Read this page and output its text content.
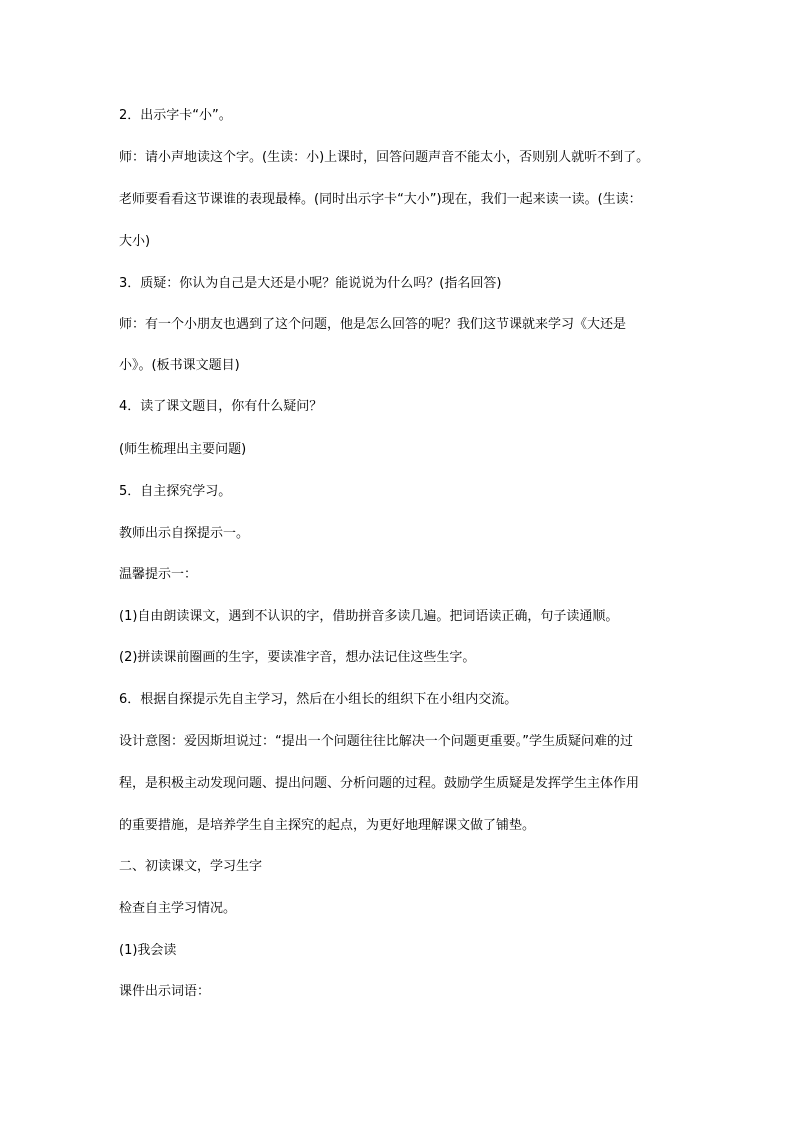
2．出示字卡“小”。
师：请小声地读这个字。(生读：小)上课时，回答问题声音不能太小，否则别人就听不到了。
老师要看看这节课谁的表现最棒。(同时出示字卡“大小”)现在，我们一起来读一读。(生读：
大小)
3．质疑：你认为自己是大还是小呢？能说说为什么吗？(指名回答)
师：有一个小朋友也遇到了这个问题，他是怎么回答的呢？我们这节课就来学习《大还是
小》。(板书课文题目)
4．读了课文题目，你有什么疑问？
(师生梳理出主要问题)
5．自主探究学习。
教师出示自探提示一。
温馨提示一：
(1)自由朗读课文，遇到不认识的字，借助拼音多读几遍。把词语读正确，句子读通顺。
(2)拼读课前圈画的生字，要读准字音，想办法记住这些生字。
6．根据自探提示先自主学习，然后在小组长的组织下在小组内交流。
设计意图：爱因斯坦说过：“提出一个问题往往比解决一个问题更重要。”学生质疑问难的过
程，是积极主动发现问题、提出问题、分析问题的过程。鼓励学生质疑是发挥学生主体作用
的重要措施，是培养学生自主探究的起点，为更好地理解课文做了铺垫。
二、初读课文，学习生字
检查自主学习情况。
(1)我会读
课件出示词语：
